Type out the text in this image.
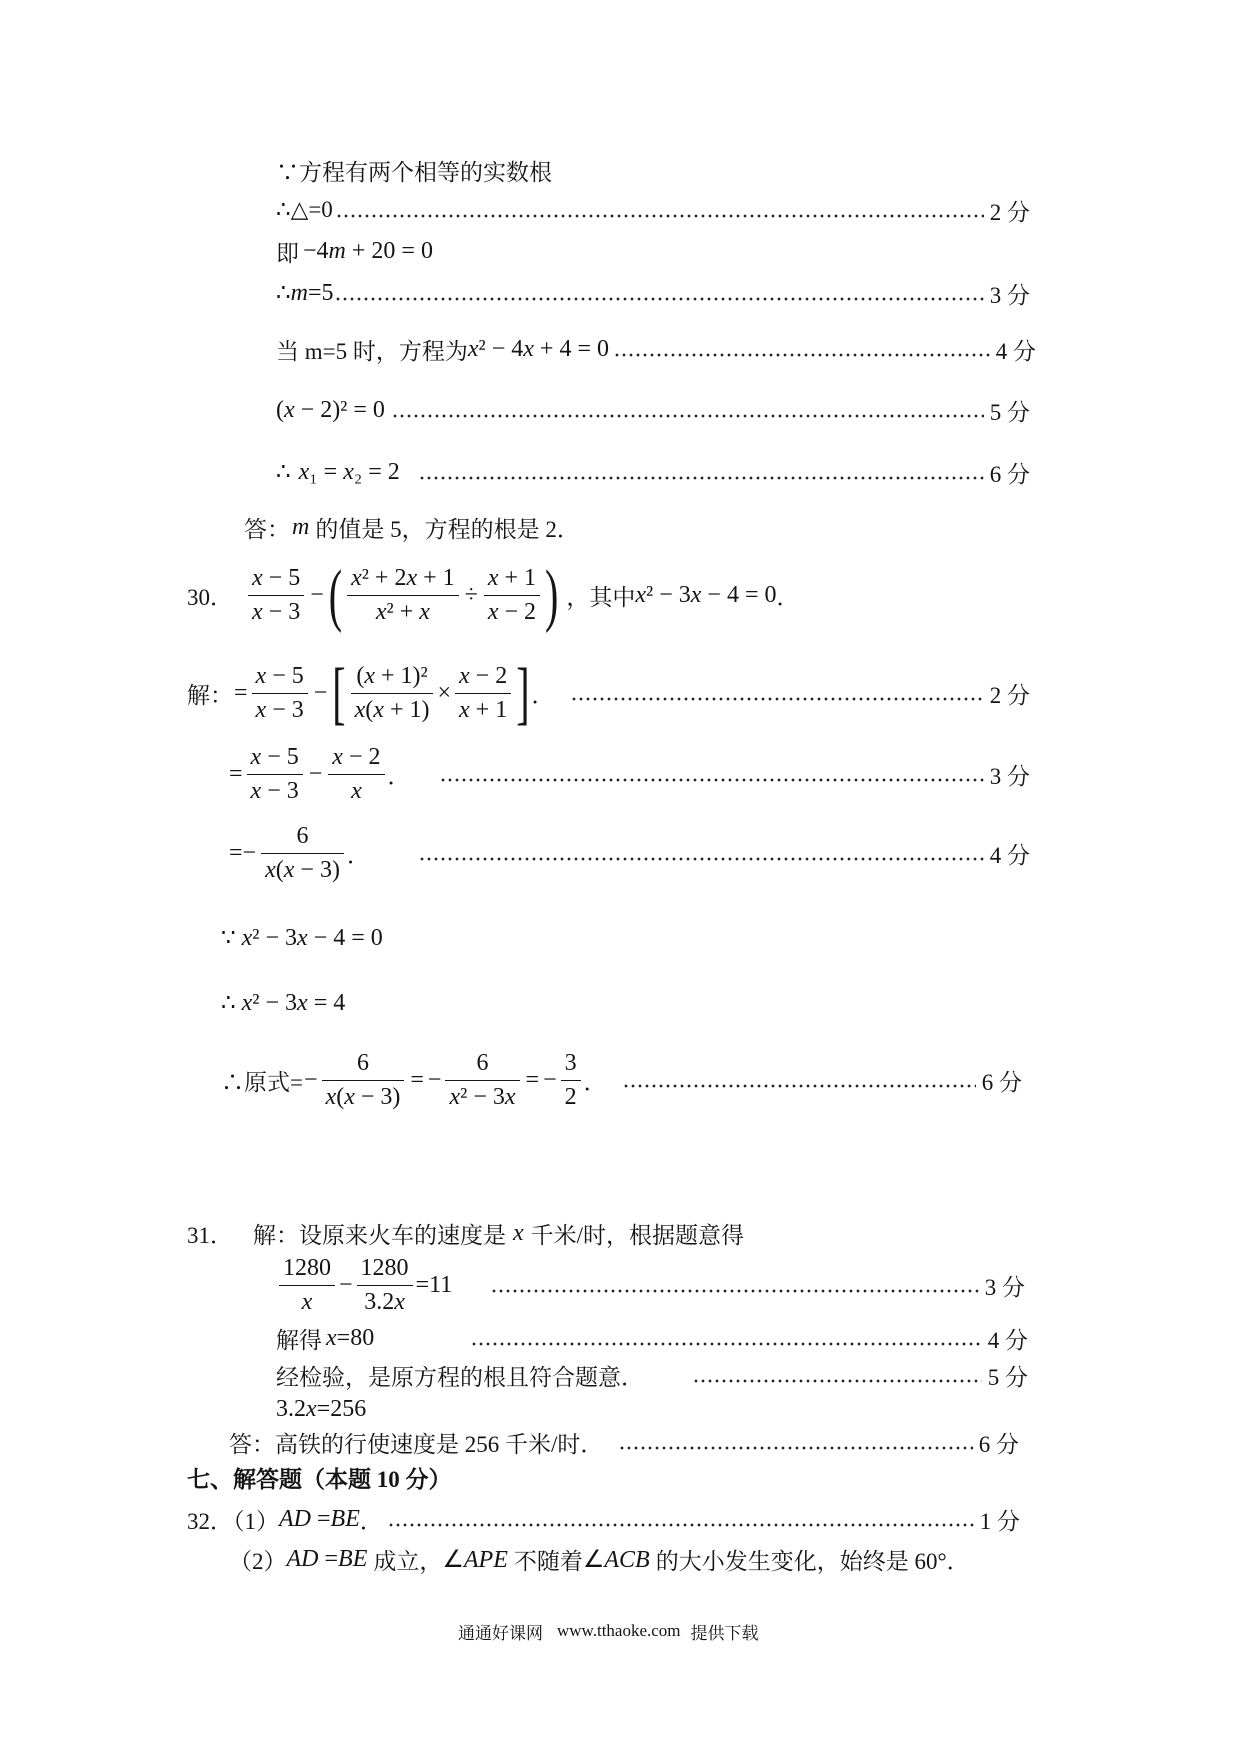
∵方程有两个相等的实数根
∴△=0	2 分
即 −4m + 20 = 0
∴ m=5	3 分
当 m=5 时，方程为 x² − 4x + 4 = 0	4 分
(x − 2)² = 0	5 分
∴ x₁ = x₂ = 2	6 分
答： m 的值是 5，方程的根是 2．
30． $\frac{x - 5}{x - 3}$ − ( $\frac{\text{x² + 2x + 1}}{\text{x² + x}} \div \frac{x + 1}{x - 2}$ ) ，其中 x² − 3x − 4 = 0 ．
解： = $\frac{x - 5}{x - 3}$ − [ $\frac{\text{(x + 1)²}}{x(x + 1)} \times \frac{x - 2}{x + 1}$ ] ．	2 分
= $\frac{x - 5}{x - 3} - \frac{x - 2}{x}$ ．	3 分
= − $\frac{6}{x(x - 3)}$ ．	4 分
∵ x² − 3x − 4 = 0
∴ x² − 3x = 4
∴原式= − $\frac{6}{x(x - 3)}$ = − $\frac{6}{\text{x² − 3x}}$ = − $\frac{3}{2}$ ．	6 分
31． 解：设原来火车的速度是 x 千米/时，根据题意得
$\frac{1280}{x} - \frac{1280}{3.2x} =11$	3 分
解得 x=80	4 分
经检验，是原方程的根且符合题意．	5 分
3.2x=256
答：高铁的行使速度是 256 千米/时．	6 分
七、解答题（本题 10 分）
32．（1） AD =BE ．	1 分
（2） AD =BE 成立， ∠APE 不随着 ∠ACB 的大小发生变化，始终是 60°．
通通好课网 www.tthaoke.com 提供下载
